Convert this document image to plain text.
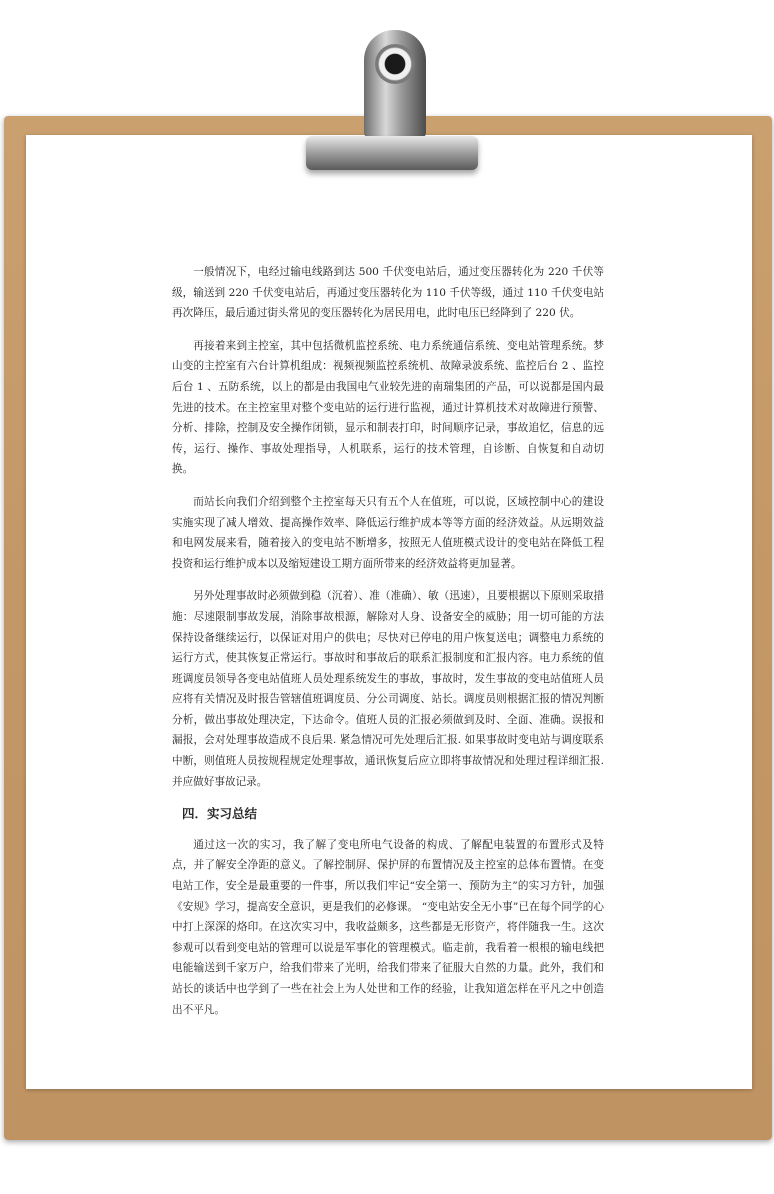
一般情况下，电经过输电线路到达 500 千伏变电站后，通过变压器转化为 220 千伏等级，输送到 220 千伏变电站后，再通过变压器转化为 110 千伏等级，通过 110 千伏变电站再次降压，最后通过街头常见的变压器转化为居民用电，此时电压已经降到了 220 伏。

再接着来到主控室，其中包括微机监控系统、电力系统通信系统、变电站管理系统。梦山变的主控室有六台计算机组成：视频视频监控系统机、故障录波系统、监控后台 2 、监控后台 1 、五防系统，以上的都是由我国电气业较先进的南瑞集团的产品，可以说都是国内最先进的技术。在主控室里对整个变电站的运行进行监视，通过计算机技术对故障进行预警、分析、排除，控制及安全操作闭锁，显示和制表打印，时间顺序记录，事故追忆，信息的远传，运行、操作、事故处理指导，人机联系，运行的技术管理，自诊断、自恢复和自动切换。

而站长向我们介绍到整个主控室每天只有五个人在值班，可以说，区域控制中心的建设实施实现了减人增效、提高操作效率、降低运行维护成本等等方面的经济效益。从远期效益和电网发展来看，随着接入的变电站不断增多，按照无人值班模式设计的变电站在降低工程投资和运行维护成本以及缩短建设工期方面所带来的经济效益将更加显著。

另外处理事故时必须做到稳（沉着）、准（准确）、敏（迅速），且要根据以下原则采取措施：尽速限制事故发展，消除事故根源，解除对人身、设备安全的威胁；用一切可能的方法保持设备继续运行，以保证对用户的供电；尽快对已停电的用户恢复送电；调整电力系统的运行方式，使其恢复正常运行。事故时和事故后的联系汇报制度和汇报内容。电力系统的值班调度员领导各变电站值班人员处理系统发生的事故，事故时，发生事故的变电站值班人员应将有关情况及时报告管辖值班调度员、分公司调度、站长。调度员则根据汇报的情况判断分析，做出事故处理决定，下达命令。值班人员的汇报必须做到及时、全面、准确。误报和漏报，会对处理事故造成不良后果. 紧急情况可先处理后汇报. 如果事故时变电站与调度联系中断，则值班人员按规程规定处理事故，通讯恢复后应立即将事故情况和处理过程详细汇报. 并应做好事故记录。

四．实习总结

通过这一次的实习，我了解了变电所电气设备的构成、了解配电装置的布置形式及特点，并了解安全净距的意义。了解控制屏、保护屏的布置情况及主控室的总体布置情。在变电站工作，安全是最重要的一件事，所以我们牢记“安全第一、预防为主”的实习方针，加强《安规》学习，提高安全意识，更是我们的必修课。 “变电站安全无小事”已在每个同学的心中打上深深的烙印。在这次实习中，我收益颇多，这些都是无形资产，将伴随我一生。这次参观可以看到变电站的管理可以说是军事化的管理模式。临走前，我看着一根根的输电线把电能输送到千家万户，给我们带来了光明，给我们带来了征服大自然的力量。此外，我们和站长的谈话中也学到了一些在社会上为人处世和工作的经验，让我知道怎样在平凡之中创造出不平凡。
